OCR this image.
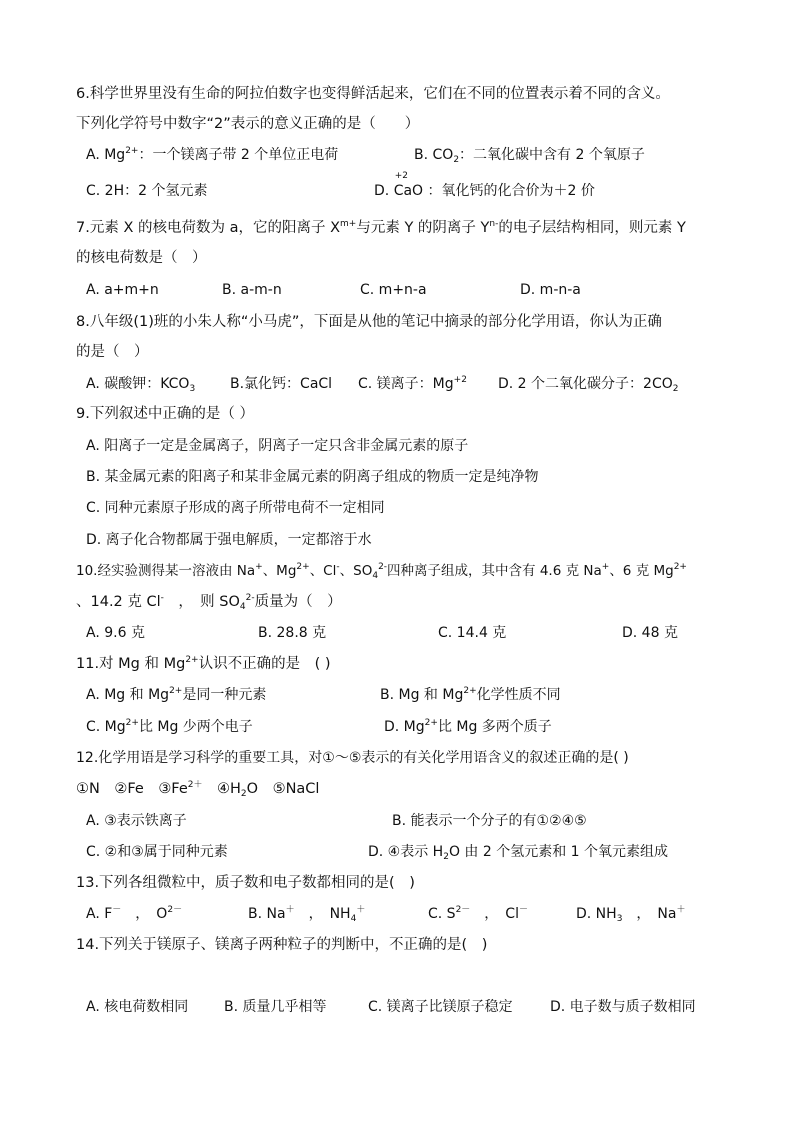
6.科学世界里没有生命的阿拉伯数字也变得鲜活起来，它们在不同的位置表示着不同的含义。
下列化学符号中数字“2”表示的意义正确的是（　　）
A. $Mg^{2+}$：一个镁离子带 2 个单位正电荷	B. $CO_2$：二氧化碳中含有 2 个氧原子
C. 2H：2 个氢元素	D.
+2
CaO ：氧化钙的化合价为＋2 价
7.元素 X 的核电荷数为 a，它的阳离子 $X^{m+}$与元素 Y 的阴离子 $Y^{n-}$的电子层结构相同，则元素 Y
的核电荷数是（　）
A. a+m+n	B. a-m-n	C. m+n-a	D. m-n-a
8.八年级(1)班的小朱人称“小马虎”，下面是从他的笔记中摘录的部分化学用语，你认为正确
的是（　）
A. 碳酸钾：$KCO_3$ B.氯化钙：CaCl C. 镁离子：$Mg^{+2}$ D. 2 个二氧化碳分子：$2CO_2$
9.下列叙述中正确的是（ ）
A. 阳离子一定是金属离子，阴离子一定只含非金属元素的原子
B. 某金属元素的阳离子和某非金属元素的阴离子组成的物质一定是纯净物
C. 同种元素原子形成的离子所带电荷不一定相同
D. 离子化合物都属于强电解质，一定都溶于水
10.经实验测得某一溶液由 Na+、$Mg^{2+}$、Cl-、$SO_4^{2-}$四种离子组成，其中含有 4.6 克 Na+、6 克 $Mg^{2+}$
、14.2 克 Cl-　，　则 $SO_4^{2-}$质量为（　）
A. 9.6 克	B. 28.8 克	C. 14.4 克	D. 48 克
11.对 Mg 和 $Mg^{2+}$认识不正确的是　( )
A. Mg 和 $Mg^{2+}$是同一种元素	B. Mg 和 $Mg^{2+}$化学性质不同
C. $Mg^{2+}$比 Mg 少两个电子	D. $Mg^{2+}$比 Mg 多两个质子
12.化学用语是学习科学的重要工具，对①～⑤表示的有关化学用语含义的叙述正确的是( )
①N　②Fe　$③Fe^{2+}$　$④H_2O$　⑤NaCl
A. ③表示铁离子	B. 能表示一个分子的有①②④⑤
C. ②和③属于同种元素	D. ④表示 $H_2O$ 由 2 个氢元素和 1 个氧元素组成
13.下列各组微粒中，质子数和电子数都相同的是(　)
A. F－　，　$O^{2-}$	B. Na＋　，　$NH_4^+$	C. $S^{2-}$　，　Cl－	D. $NH_3$　，　Na＋
14.下列关于镁原子、镁离子两种粒子的判断中，不正确的是(　)
A. 核电荷数相同	B. 质量几乎相等	C. 镁离子比镁原子稳定	D. 电子数与质子数相同
